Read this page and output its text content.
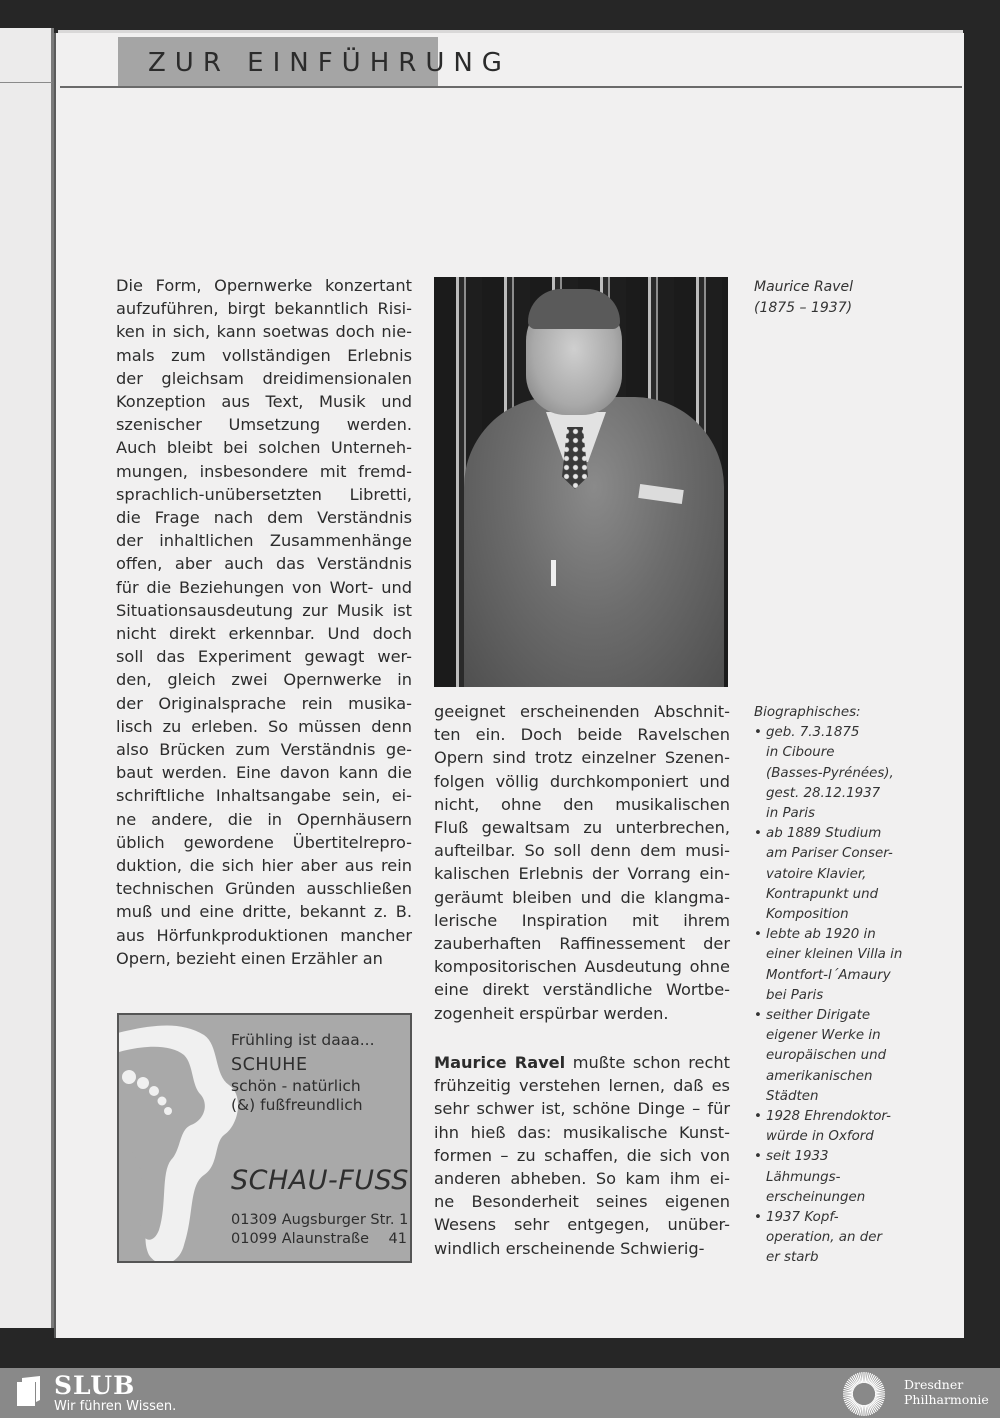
ZUR EINFÜHRUNG
Die Form, Opernwerke konzertant
aufzuführen, birgt bekanntlich Risi-
ken in sich, kann soetwas doch nie-
mals zum vollständigen Erlebnis
der gleichsam dreidimensionalen
Konzeption aus Text, Musik und
szenischer Umsetzung werden.
Auch bleibt bei solchen Unterneh-
mungen, insbesondere mit fremd-
sprachlich-unübersetzten Libretti,
die Frage nach dem Verständnis
der inhaltlichen Zusammenhänge
offen, aber auch das Verständnis
für die Beziehungen von Wort- und
Situationsausdeutung zur Musik ist
nicht direkt erkennbar. Und doch
soll das Experiment gewagt wer-
den, gleich zwei Opernwerke in
der Originalsprache rein musika-
lisch zu erleben. So müssen denn
also Brücken zum Verständnis ge-
baut werden. Eine davon kann die
schriftliche Inhaltsangabe sein, ei-
ne andere, die in Opernhäusern
üblich gewordene Übertitelrepro-
duktion, die sich hier aber aus rein
technischen Gründen ausschließen
muß und eine dritte, bekannt z. B.
aus Hörfunkproduktionen mancher
Opern, bezieht einen Erzähler an
Maurice Ravel
(1875 – 1937)
geeignet erscheinenden Abschnit-
ten ein. Doch beide Ravelschen
Opern sind trotz einzelner Szenen-
folgen völlig durchkomponiert und
nicht, ohne den musikalischen
Fluß gewaltsam zu unterbrechen,
aufteilbar. So soll denn dem musi-
kalischen Erlebnis der Vorrang ein-
geräumt bleiben und die klangma-
lerische Inspiration mit ihrem
zauberhaften Raffinessement der
kompositorischen Ausdeutung ohne
eine direkt verständliche Wortbe-
zogenheit erspürbar werden.
Maurice Ravel mußte schon recht
frühzeitig verstehen lernen, daß es
sehr schwer ist, schöne Dinge – für
ihn hieß das: musikalische Kunst-
formen – zu schaffen, die sich von
anderen abheben. So kam ihm ei-
ne Besonderheit seines eigenen
Wesens sehr entgegen, unüber-
windlich erscheinende Schwierig-
Biographisches:
• geb. 7.3.1875
in Ciboure
(Basses-Pyrénées),
gest. 28.12.1937
in Paris
• ab 1889 Studium
am Pariser Conser-
vatoire Klavier,
Kontrapunkt und
Komposition
• lebte ab 1920 in
einer kleinen Villa in
Montfort-l´Amaury
bei Paris
• seither Dirigate
eigener Werke in
europäischen und
amerikanischen
Städten
• 1928 Ehrendoktor-
würde in Oxford
• seit 1933
Lähmungs-
erscheinungen
• 1937 Kopf-
operation, an der
er starb
Frühling ist daaa...
SCHUHE
schön - natürlich
(&) fußfreundlich
SCHAU-FUSS
01309 Augsburger Str. 1
01099 Alaunstraße 41
SLUB
Wir führen Wissen.
Dresdner
Philharmonie
